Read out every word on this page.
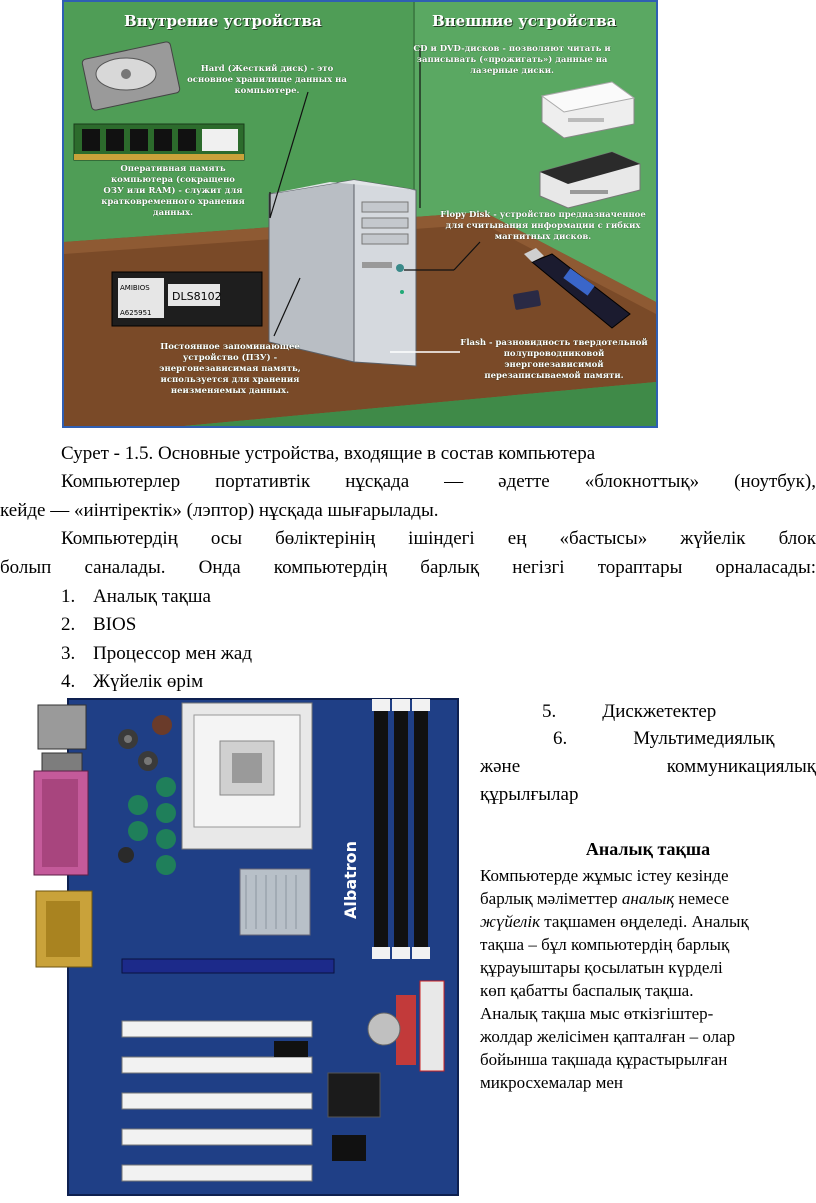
AMIBIOS
A625951
DLS8102
Внутрение устройства	Внешние устройства
Hard (Жесткий диск) - это
основное хранилище данных на
компьютере.
Оперативная память
компьютера (сокращено
ОЗУ или RAM) - служит для
кратковременного хранения
данных.
Постоянное запоминающее
устройство (ПЗУ) -
энергонезависимая память,
используется для хранения
неизменяемых данных.
CD и DVD-дисков - позволяют читать и
записывать («прожигать») данные на
лазерные диски.
Flopy Disk - устройство предназначенное
для считывания информации с гибких
магнитных дисков.
Flash - разновидность твердотельной
полупроводниковой
энергонезависимой
перезаписываемой памяти.
Сурет - 1.5. Основные устройства, входящие в состав компьютера
Компьютерлер портативтік нұсқада — әдетте «блокноттық» (ноутбук),
кейде — «иінтіректік» (лэптор) нұсқада шығарылады.
Компьютердің осы бөліктерінің ішіндегі ең «бастысы» жүйелік блок
болып саналады. Онда компьютердің барлық негізгі тораптары орналасады:
1. Аналық тақша
2. BIOS
3. Процессор мен жад
4. Жүйелік өрім
Albatron
5. Дискжетектер
6.	Мультимедиялық
және	коммуникациялық
құрылғылар
Аналық тақша
Компьютерде жұмыс істеу кезінде
барлық мәліметтер аналық немесе
жүйелік тақшамен өңделеді. Аналық
тақша – бұл компьютердің барлық
құрауыштары қосылатын күрделі
көп қабатты баспалық тақша.
Аналық тақша мыс өткізгіштер-
жолдар желісімен қапталған – олар
бойынша тақшада құрастырылған
микросхемалар мен
